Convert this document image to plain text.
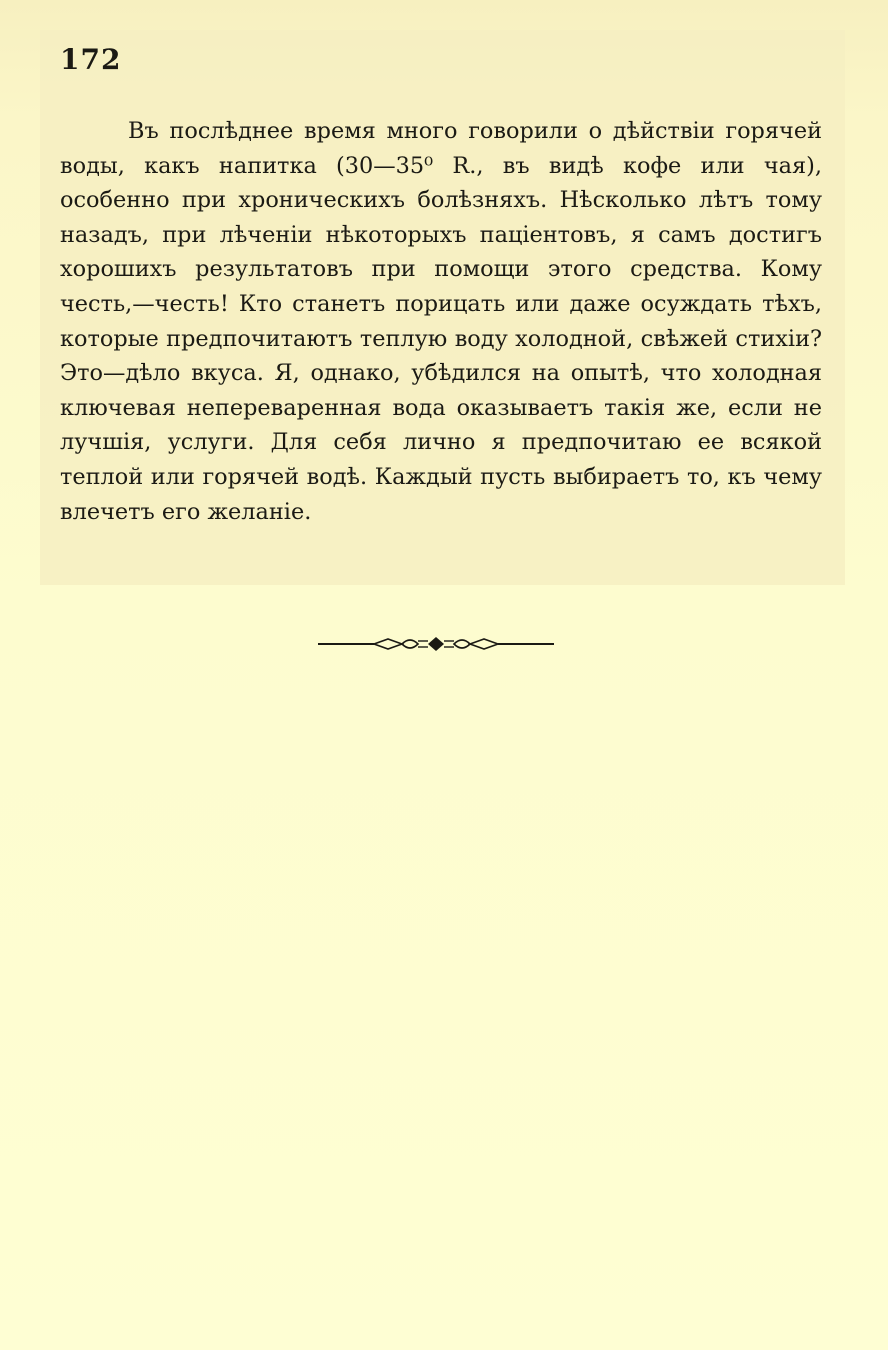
172

Въ послѣднее время много говорили о дѣйствіи горячей воды, какъ напитка (30—35⁰ R., въ видѣ кофе или чая), особенно при хроническихъ болѣзняхъ. Нѣсколько лѣтъ тому назадъ, при лѣченіи нѣкоторыхъ паціентовъ, я самъ достигъ хорошихъ результатовъ при помощи этого средства. Кому честь,—честь! Кто станетъ порицать или даже осуждать тѣхъ, которые предпочитаютъ теплую воду холодной, свѣжей стихіи? Это—дѣло вкуса. Я, однако, убѣдился на опытѣ, что холодная ключевая непереваренная вода оказываетъ такія же, если не лучшія, услуги. Для себя лично я предпочитаю ее всякой теплой или горячей водѣ. Каждый пусть выбираетъ то, къ чему влечетъ его желаніе.
